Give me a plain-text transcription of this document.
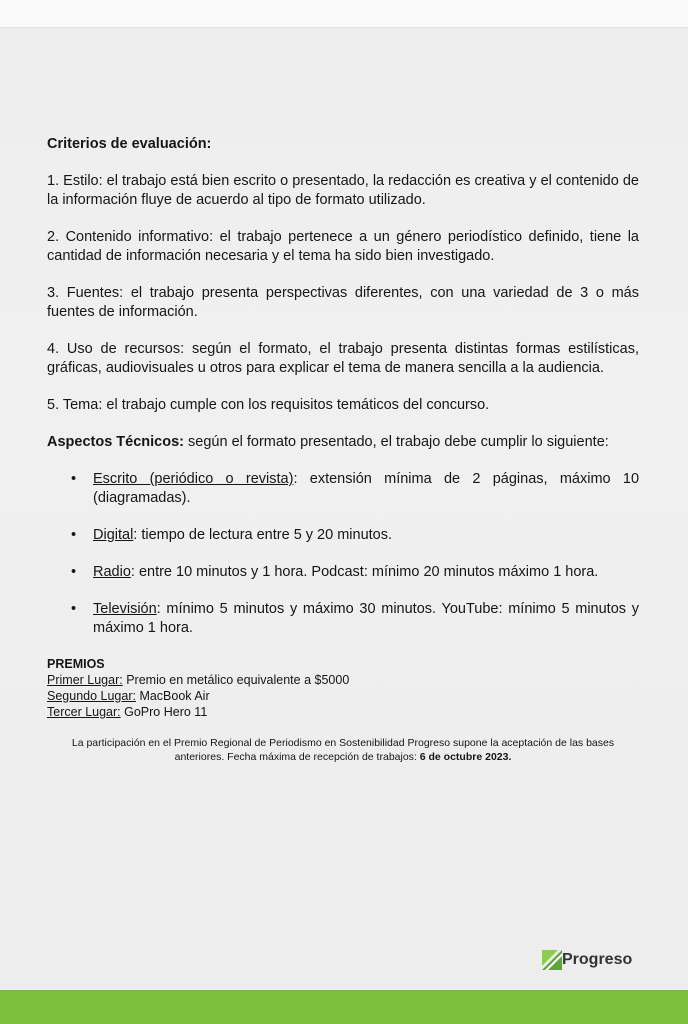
Criterios de evaluación:
1. Estilo: el trabajo está bien escrito o presentado, la redacción es creativa y el contenido de la información fluye de acuerdo al tipo de formato utilizado.
2. Contenido informativo: el trabajo pertenece a un género periodístico definido, tiene la cantidad de información necesaria y el tema ha sido bien investigado.
3. Fuentes: el trabajo presenta perspectivas diferentes, con una variedad de 3 o más fuentes de información.
4. Uso de recursos: según el formato, el trabajo presenta distintas formas estilísticas, gráficas, audiovisuales u otros para explicar el tema de manera sencilla a la audiencia.
5. Tema: el trabajo cumple con los requisitos temáticos del concurso.
Aspectos Técnicos: según el formato presentado, el trabajo debe cumplir lo siguiente:
• Escrito (periódico o revista): extensión mínima de 2 páginas, máximo 10 (diagramadas).
• Digital: tiempo de lectura entre 5 y 20 minutos.
• Radio: entre 10 minutos y 1 hora. Podcast: mínimo 20 minutos máximo 1 hora.
• Televisión: mínimo 5 minutos y máximo 30 minutos. YouTube: mínimo 5 minutos y máximo 1 hora.
PREMIOS
Primer Lugar: Premio en metálico equivalente a $5000
Segundo Lugar: MacBook Air
Tercer Lugar: GoPro Hero 11
La participación en el Premio Regional de Periodismo en Sostenibilidad Progreso supone la aceptación de las bases anteriores. Fecha máxima de recepción de trabajos: 6 de octubre 2023.
Progreso
